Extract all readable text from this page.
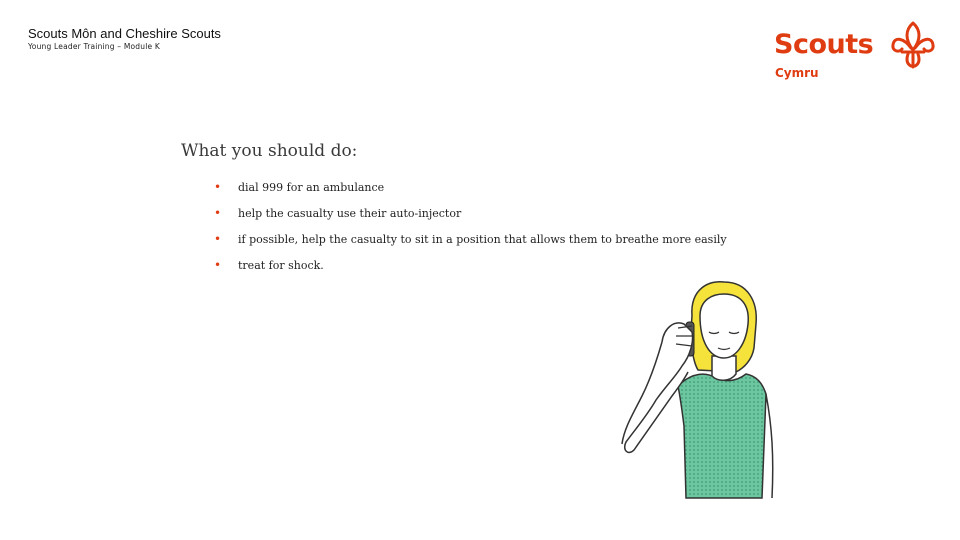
Scouts Môn and Cheshire Scouts
Young Leader Training – Module K	Scouts
Cymru
What you should do:
•	dial 999 for an ambulance
•	help the casualty use their auto-injector
•	if possible, help the casualty to sit in a position that allows them to breathe more easily
•	treat for shock.
